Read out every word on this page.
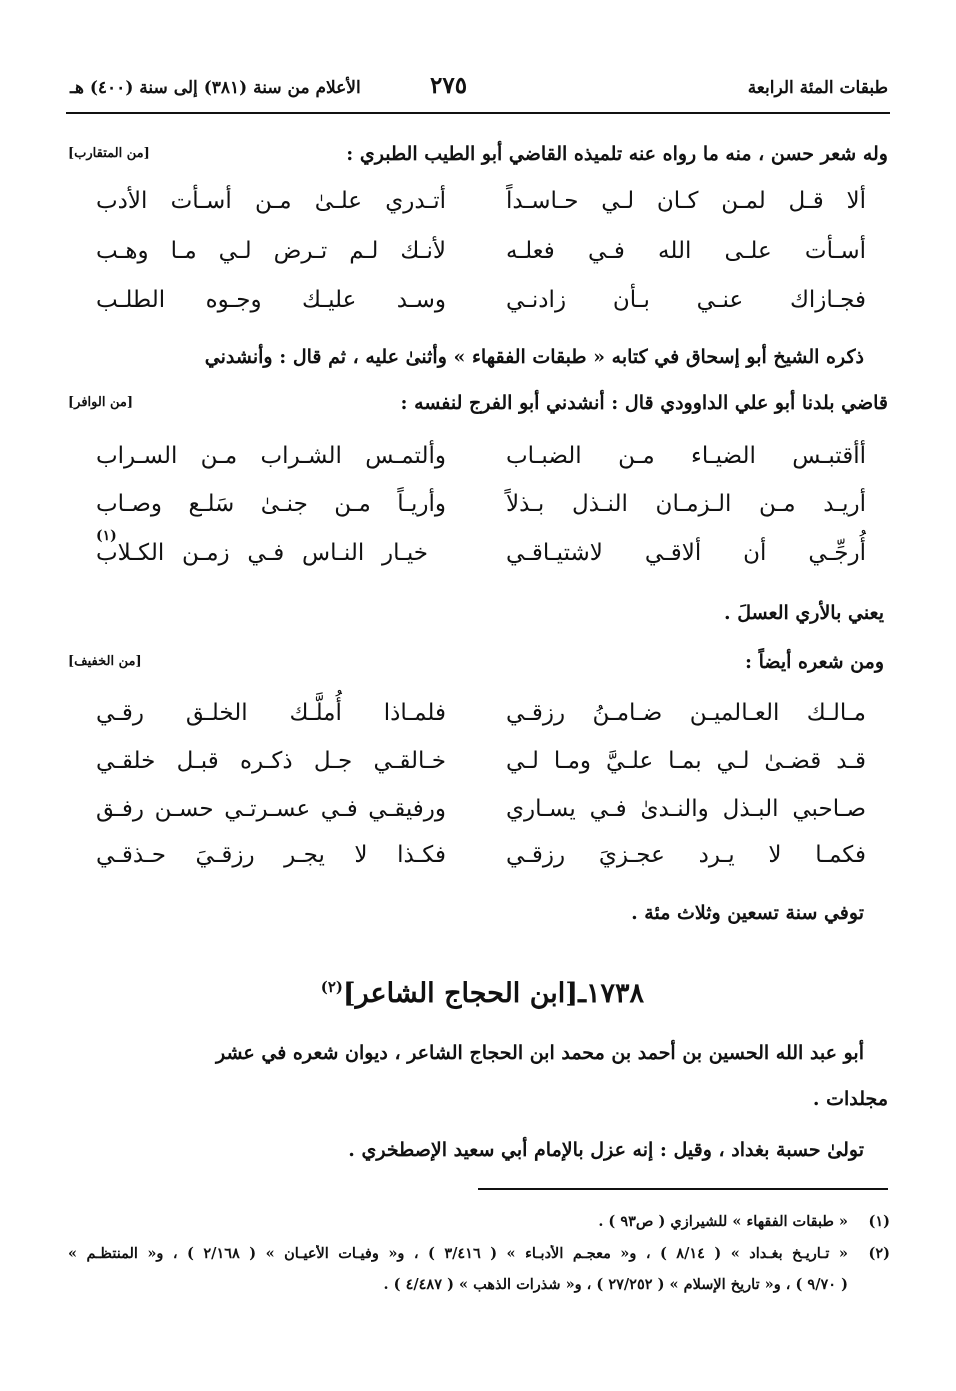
طبقات المئة الرابعة
٢٧٥
الأعلام من سنة (٣٨١) إلى سنة (٤٠٠) هـ
وله شعر حسن ، منه ما رواه عنه تلميذه القاضي أبو الطيب الطبري :
[من المتقارب]
ألا قـل لمـن كـان لـي حـاسـداً
أتـدري علـىٰ مـن أسـأت الأدب
أسـأت علـى الله فـي فعلـه
لأنـك لـم تـرض لـي مـا وهـب
فجـازاك عنـي بـأن زادنـي
وسـد عليـك وجـوه الطلـب
ذكره الشيخ أبو إسحاق في كتابه « طبقات الفقهاء » وأثنىٰ عليه ، ثم قال : وأنشدني
قاضي بلدنا أبو علي الداوودي قال : أنشدني أبو الفرج لنفسه :
[من الوافر]
أأقتبـس الضيـاء مـن الضبـاب
وألتمـس الشـراب مـن السـراب
أريـد مـن الـزمـان النـذل بـذلاً
وأريـاً مـن جنـىٰ سَلـع وصـاب
أُرجِّـي أن ألاقـي لاشتيـاقـي
خيـار النـاس فـي زمـن الكـلاب
(١)
يعني بالأري العسلَ .
ومن شعره أيضاً :
[من الخفيف]
مـالـك العـالميـن ضـامـنُ رزقـي
فلمـاذا أُملَّـك الخلـق رقـي
قـد قضـىٰ لـي بمـا علـيَّ ومـا لـي
خـالقـي جـل ذكـره قبـل خلقـي
صـاحبي البـذل والنـدىٰ فـي يسـاري
ورفيقـي فـي عسـرتـي حسـن رفـق
فكمـا لا يـرد عجـزيَ رزقـي
فكـذا لا يجـر رزقـيَ حـذقـي
توفي سنة تسعين وثلاث مئة .
١٧٣٨ـ[ابن الحجاج الشاعر]$^{(٢)}$
أبو عبد الله الحسين بن أحمد بن محمد ابن الحجاج الشاعر ، ديوان شعره في عشر
مجلدات .
تولىٰ حسبة بغداد ، وقيل : إنه عزل بالإمام أبي سعيد الإصطخري .
(١)
« طبقات الفقهاء » للشيرازي ( ص٩٣ ) .
(٢)
« تـاريـخ بغـداد » ( ٨/١٤ ) ، و« معجـم الأدبـاء » ( ٣/٤١٦ ) ، و« وفيـات الأعيـان » ( ٢/١٦٨ ) ، و« المنتظـم »
( ٩/٧٠ ) ، و« تاريخ الإسلام » ( ٢٧/٢٥٢ ) ، و« شذرات الذهب » ( ٤/٤٨٧ ) .
